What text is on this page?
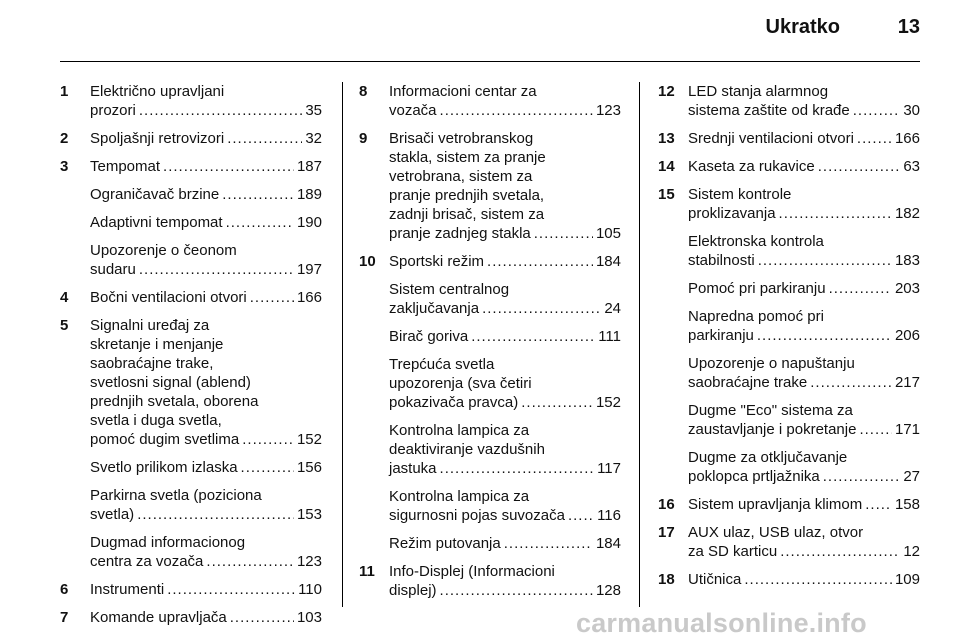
Ukratko	13
1 Električno upravljani
prozori .....	35
2 Spoljašnji retrovizori .....	32
3 Tempomat .....	187
Ograničavač brzine .....	189
Adaptivni tempomat .....	190
Upozorenje o čeonom
sudaru .....	197
4 Bočni ventilacioni otvori .....	166
5 Signalni uređaj za
skretanje i menjanje
saobraćajne trake,
svetlosni signal (ablend)
prednjih svetala, oborena
svetla i duga svetla,
pomoć dugim svetlima .....	152
Svetlo prilikom izlaska .....	156
Parkirna svetla (poziciona
svetla) .....	153
Dugmad informacionog
centra za vozača .....	123
6 Instrumenti .....	110
7 Komande upravljača .....	103
8 Informacioni centar za
vozača .....	123
9 Brisači vetrobranskog
stakla, sistem za pranje
vetrobrana, sistem za
pranje prednjih svetala,
zadnji brisač, sistem za
pranje zadnjeg stakla .....	105
10 Sportski režim .....	184
Sistem centralnog
zaključavanja .....	24
Birač goriva .....	111
Trepćuća svetla
upozorenja (sva četiri
pokazivača pravca) .....	152
Kontrolna lampica za
deaktiviranje vazdušnih
jastuka .....	117
Kontrolna lampica za
sigurnosni pojas suvozača ..... 116
Režim putovanja .....	184
11 Info-Displej (Informacioni
displej) .....	128
12 LED stanja alarmnog
sistema zaštite od krađe .....	30
13 Srednji ventilacioni otvori .....	166
14 Kaseta za rukavice .....	63
15 Sistem kontrole
proklizavanja .....	182
Elektronska kontrola
stabilnosti .....	183
Pomoć pri parkiranju .....	203
Napredna pomoć pri
parkiranju .....	206
Upozorenje o napuštanju
saobraćajne trake .....	217
Dugme "Eco" sistema za
zaustavljanje i pokretanje .....	171
Dugme za otključavanje
poklopca prtljažnika .....	27
16 Sistem upravljanja klimom ..... 158
17 AUX ulaz, USB ulaz, otvor
za SD karticu .....	12
18 Utičnica .....	109
carmanualsonline.info
